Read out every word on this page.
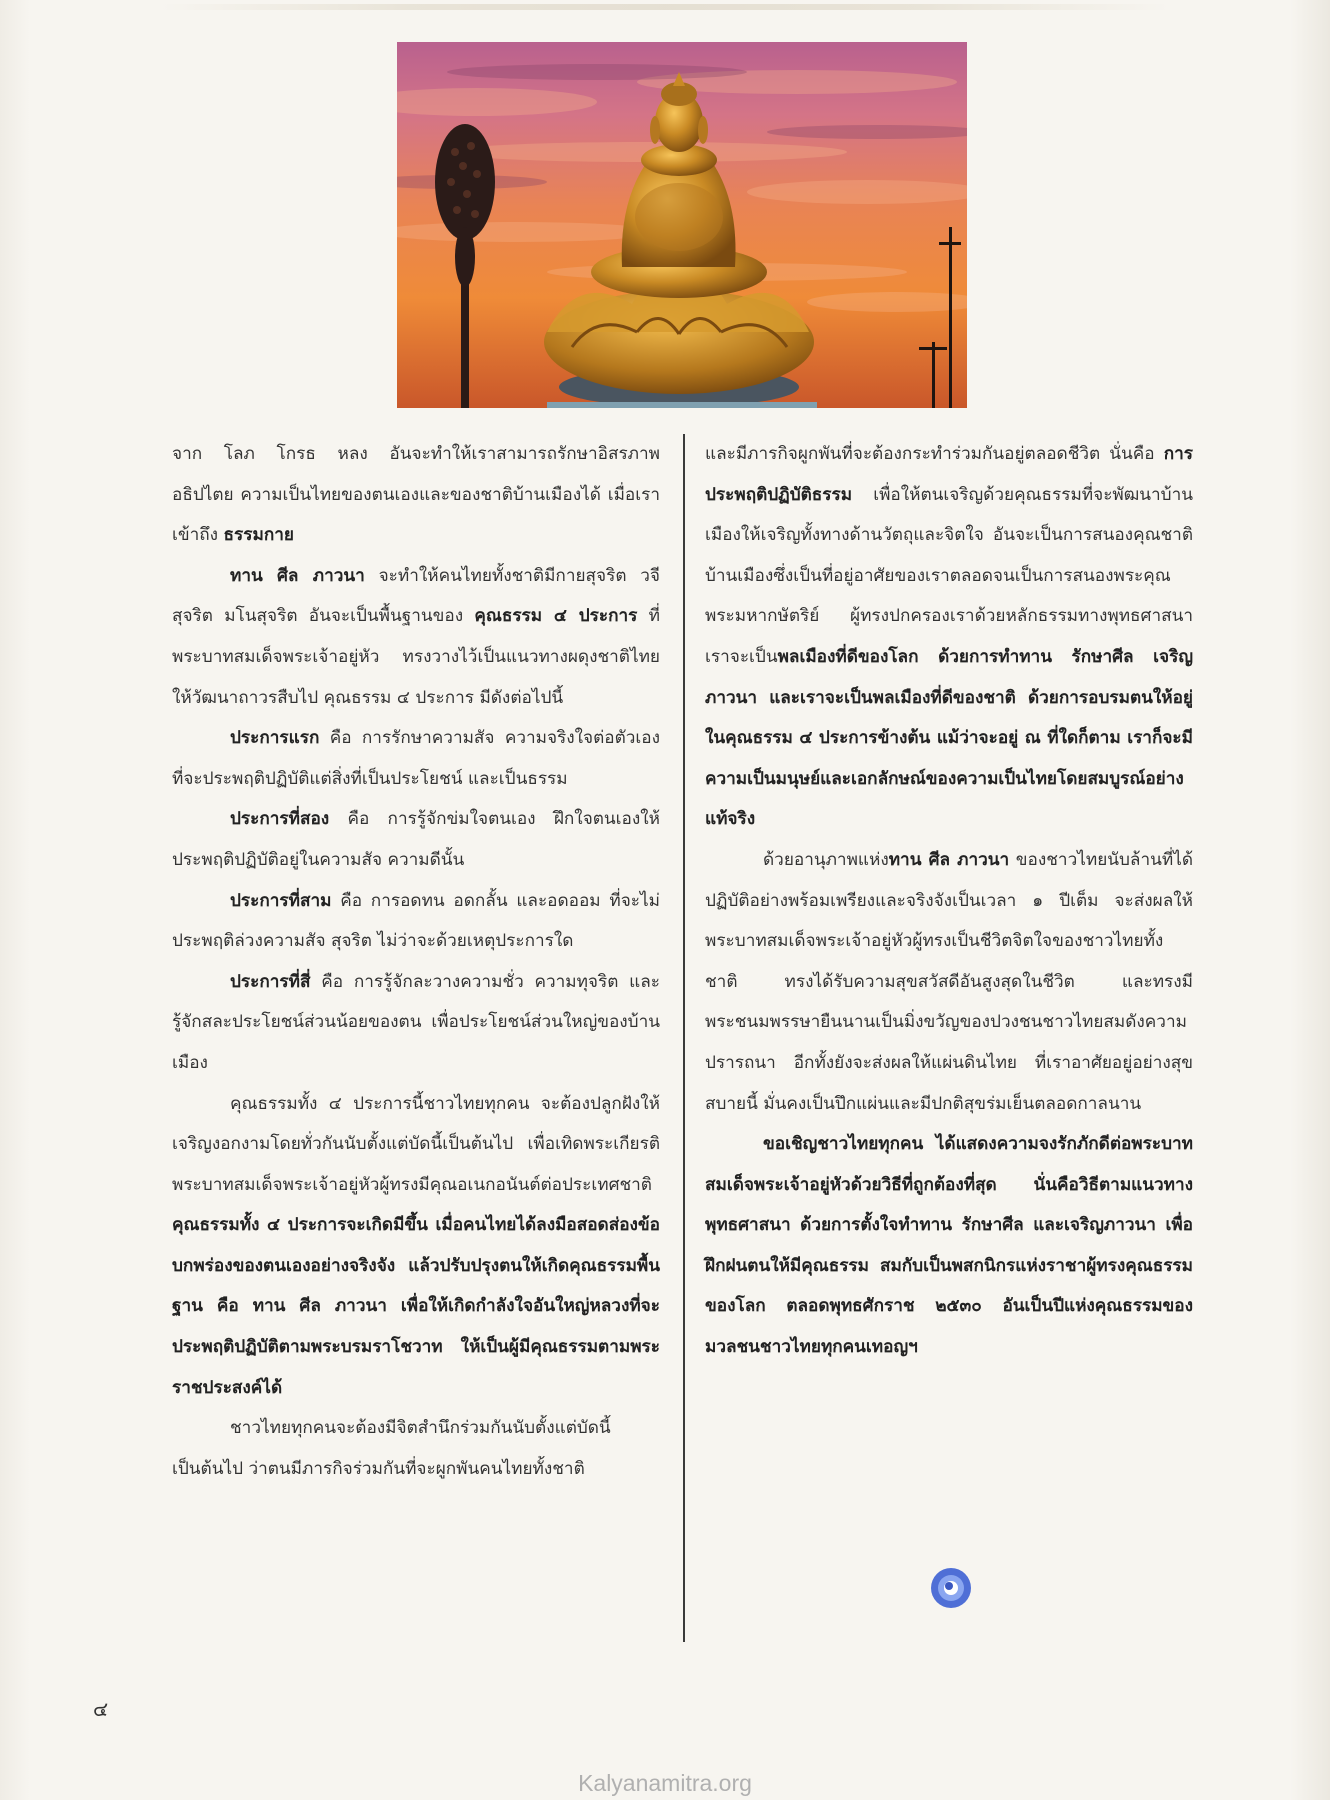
จาก โลภ โกรธ หลง อันจะทำให้เราสามารถรักษาอิสรภาพ อธิปไตย ความเป็นไทยของตนเองและของชาติบ้านเมืองได้ เมื่อเราเข้าถึง ธรรมกาย

ทาน ศีล ภาวนา จะทำให้คนไทยทั้งชาติมีกายสุจริต วจีสุจริต มโนสุจริต อันจะเป็นพื้นฐานของ คุณธรรม ๔ ประการ ที่พระบาทสมเด็จพระเจ้าอยู่หัว ทรงวางไว้เป็นแนวทางผดุงชาติไทย ให้วัฒนาถาวรสืบไป คุณธรรม ๔ ประการ มีดังต่อไปนี้

ประการแรก คือ การรักษาความสัจ ความจริงใจต่อตัวเอง ที่จะประพฤติปฏิบัติแต่สิ่งที่เป็นประโยชน์ และเป็นธรรม

ประการที่สอง คือ การรู้จักข่มใจตนเอง ฝึกใจตนเองให้ประพฤติปฏิบัติอยู่ในความสัจ ความดีนั้น

ประการที่สาม คือ การอดทน อดกลั้น และอดออม ที่จะไม่ประพฤติล่วงความสัจ สุจริต ไม่ว่าจะด้วยเหตุประการใด

ประการที่สี่ คือ การรู้จักละวางความชั่ว ความทุจริต และรู้จักสละประโยชน์ส่วนน้อยของตน เพื่อประโยชน์ส่วนใหญ่ของบ้านเมือง

คุณธรรมทั้ง ๔ ประการนี้ชาวไทยทุกคน จะต้องปลูกฝังให้เจริญงอกงามโดยทั่วกันนับตั้งแต่บัดนี้เป็นต้นไป เพื่อเทิดพระเกียรติพระบาทสมเด็จพระเจ้าอยู่หัวผู้ทรงมีคุณอเนกอนันต์ต่อประเทศชาติ คุณธรรมทั้ง ๔ ประการจะเกิดมีขึ้น เมื่อคนไทยได้ลงมือสอดส่องข้อบกพร่องของตนเองอย่างจริงจัง แล้วปรับปรุงตนให้เกิดคุณธรรมพื้นฐาน คือ ทาน ศีล ภาวนา เพื่อให้เกิดกำลังใจอันใหญ่หลวงที่จะประพฤติปฏิบัติตามพระบรมราโชวาท ให้เป็นผู้มีคุณธรรมตามพระราชประสงค์ได้

ชาวไทยทุกคนจะต้องมีจิตสำนึกร่วมกันนับตั้งแต่บัดนี้เป็นต้นไป ว่าตนมีภารกิจร่วมกันที่จะผูกพันคนไทยทั้งชาติ

และมีภารกิจผูกพันที่จะต้องกระทำร่วมกันอยู่ตลอดชีวิต นั่นคือ การประพฤติปฏิบัติธรรม เพื่อให้ตนเจริญด้วยคุณธรรมที่จะพัฒนาบ้านเมืองให้เจริญทั้งทางด้านวัตถุและจิตใจ อันจะเป็นการสนองคุณชาติบ้านเมืองซึ่งเป็นที่อยู่อาศัยของเราตลอดจนเป็นการสนองพระคุณพระมหากษัตริย์ ผู้ทรงปกครองเราด้วยหลักธรรมทางพุทธศาสนา เราจะเป็นพลเมืองที่ดีของโลก ด้วยการทำทาน รักษาศีล เจริญภาวนา และเราจะเป็นพลเมืองที่ดีของชาติ ด้วยการอบรมตนให้อยู่ในคุณธรรม ๔ ประการข้างต้น แม้ว่าจะอยู่ ณ ที่ใดก็ตาม เราก็จะมีความเป็นมนุษย์และเอกลักษณ์ของความเป็นไทยโดยสมบูรณ์อย่างแท้จริง

ด้วยอานุภาพแห่งทาน ศีล ภาวนา ของชาวไทยนับล้านที่ได้ปฏิบัติอย่างพร้อมเพรียงและจริงจังเป็นเวลา ๑ ปีเต็ม จะส่งผลให้พระบาทสมเด็จพระเจ้าอยู่หัวผู้ทรงเป็นชีวิตจิตใจของชาวไทยทั้งชาติ ทรงได้รับความสุขสวัสดีอันสูงสุดในชีวิต และทรงมีพระชนมพรรษายืนนานเป็นมิ่งขวัญของปวงชนชาวไทยสมดังความปรารถนา อีกทั้งยังจะส่งผลให้แผ่นดินไทย ที่เราอาศัยอยู่อย่างสุขสบายนี้ มั่นคงเป็นปึกแผ่นและมีปกติสุขร่มเย็นตลอดกาลนาน

ขอเชิญชาวไทยทุกคน ได้แสดงความจงรักภักดีต่อพระบาทสมเด็จพระเจ้าอยู่หัวด้วยวิธีที่ถูกต้องที่สุด นั่นคือวิธีตามแนวทางพุทธศาสนา ด้วยการตั้งใจทำทาน รักษาศีล และเจริญภาวนา เพื่อฝึกฝนตนให้มีคุณธรรม สมกับเป็นพสกนิกรแห่งราชาผู้ทรงคุณธรรมของโลก ตลอดพุทธศักราช ๒๕๓๐ อันเป็นปีแห่งคุณธรรมของมวลชนชาวไทยทุกคนเทอญฯ

๔
Kalyanamitra.org
